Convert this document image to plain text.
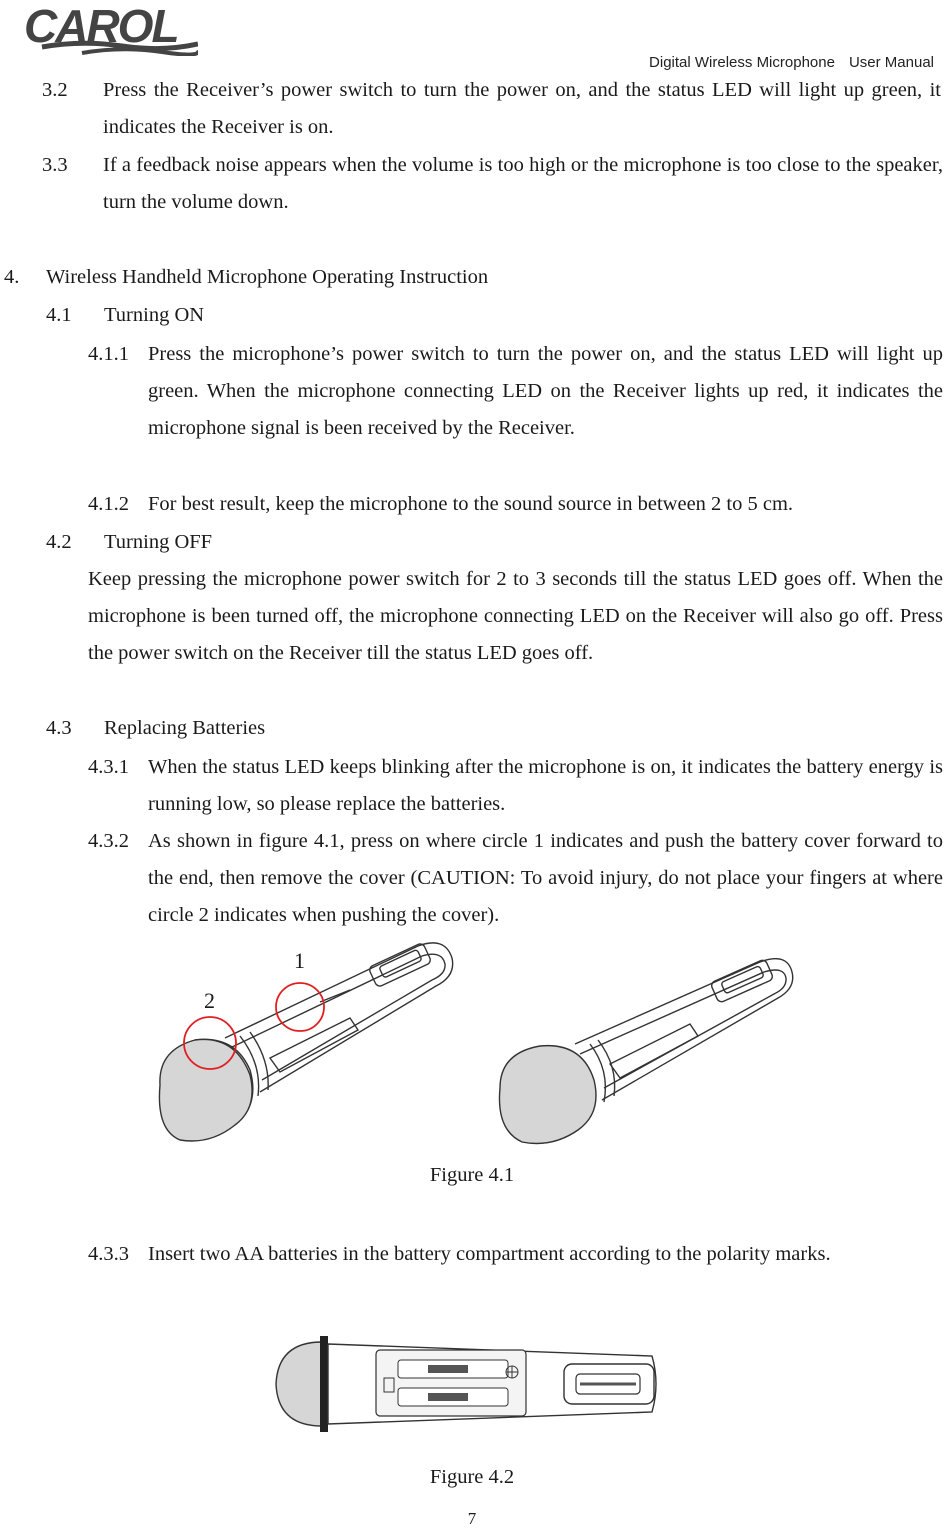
CAROL
Digital Wireless Microphone User Manual
3.2 Press the Receiver’s power switch to turn the power on, and the status LED will light up green, it indicates the Receiver is on.
3.3 If a feedback noise appears when the volume is too high or the microphone is too close to the speaker, turn the volume down.
4. Wireless Handheld Microphone Operating Instruction
4.1 Turning ON
4.1.1 Press the microphone’s power switch to turn the power on, and the status LED will light up green. When the microphone connecting LED on the Receiver lights up red, it indicates the microphone signal is been received by the Receiver.
4.1.2 For best result, keep the microphone to the sound source in between 2 to 5 cm.
4.2 Turning OFF
Keep pressing the microphone power switch for 2 to 3 seconds till the status LED goes off. When the microphone is been turned off, the microphone connecting LED on the Receiver will also go off. Press the power switch on the Receiver till the status LED goes off.
4.3 Replacing Batteries
4.3.1 When the status LED keeps blinking after the microphone is on, it indicates the battery energy is running low, so please replace the batteries.
4.3.2 As shown in figure 4.1, press on where circle 1 indicates and push the battery cover forward to the end, then remove the cover (CAUTION: To avoid injury, do not place your fingers at where circle 2 indicates when pushing the cover).
1
2
Figure 4.1
4.3.3 Insert two AA batteries in the battery compartment according to the polarity marks.
Figure 4.2
7
